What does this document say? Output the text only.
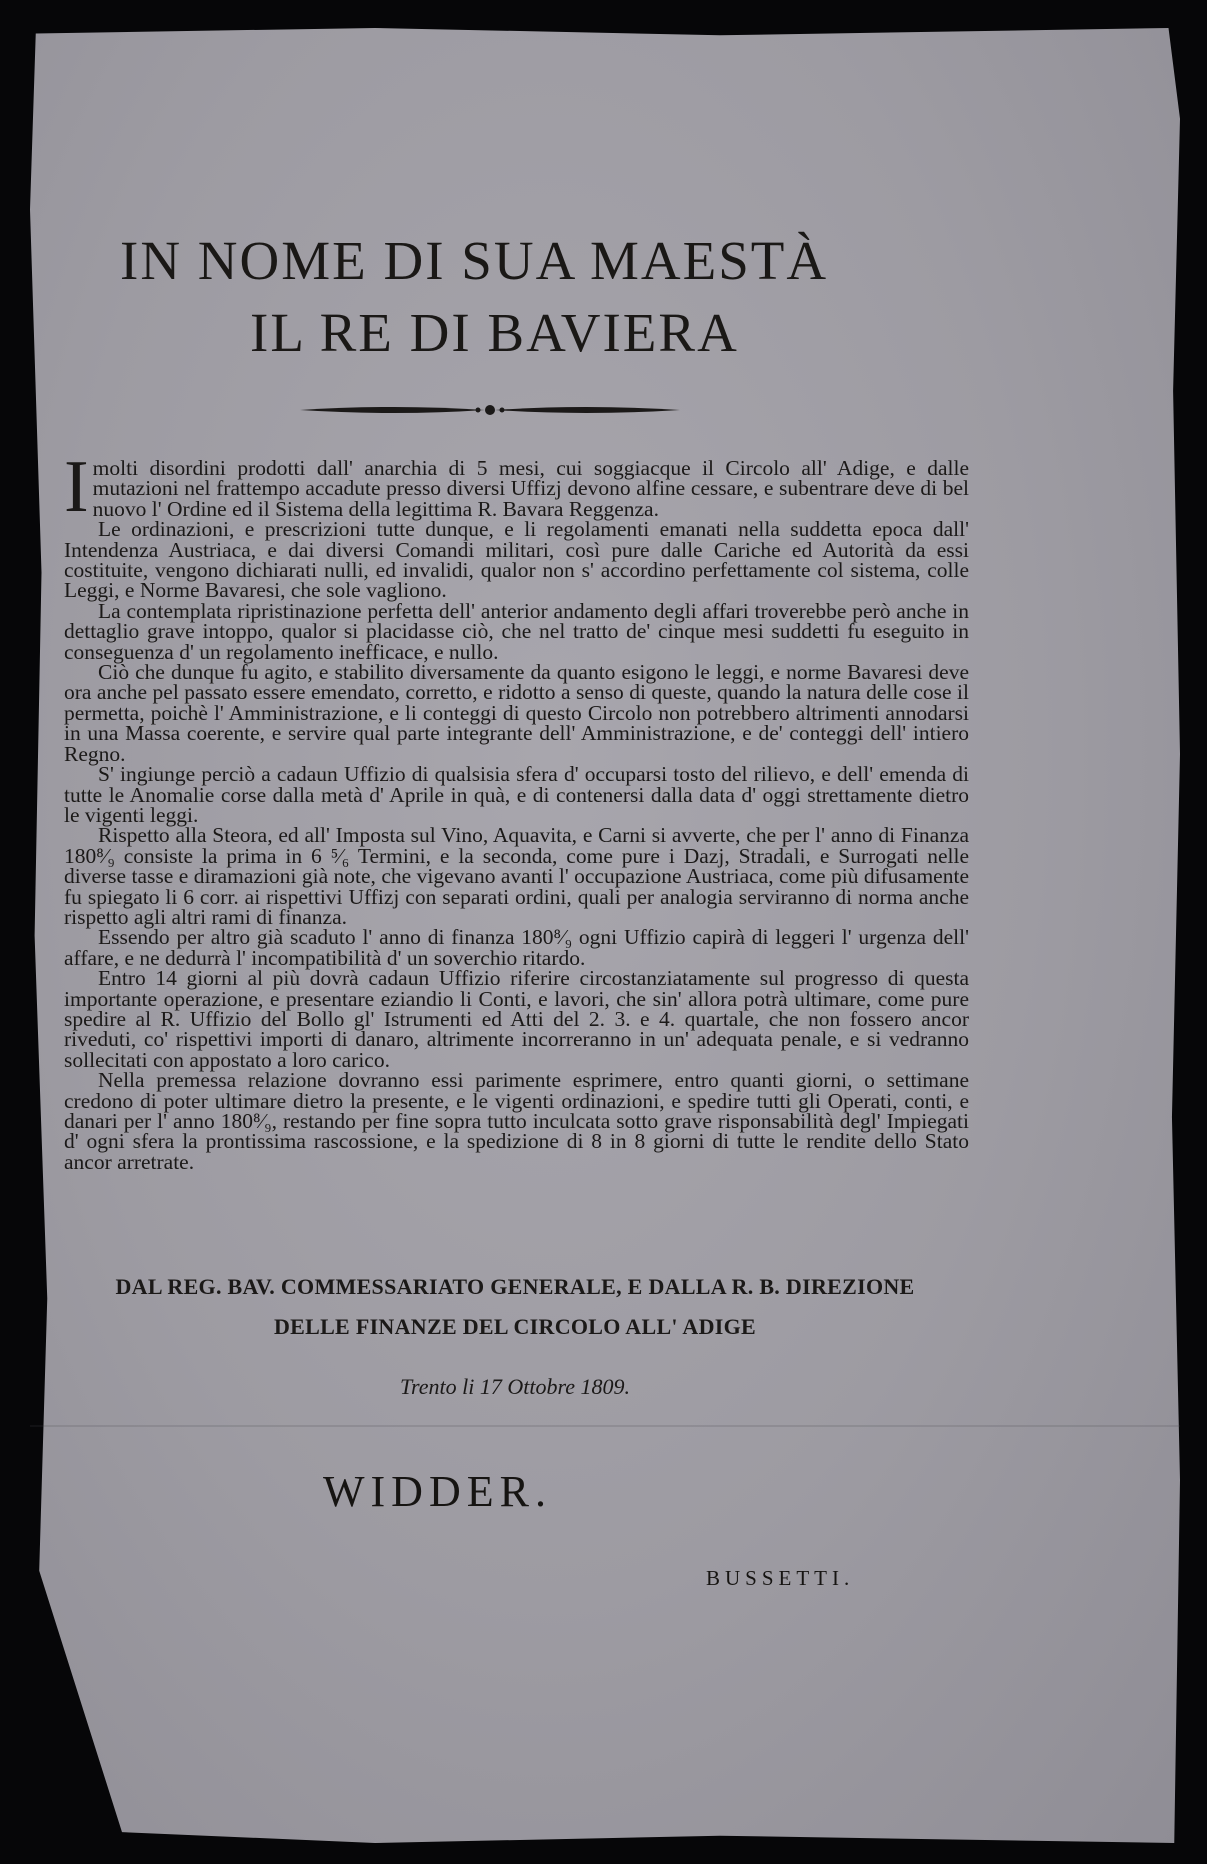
IN NOME DI SUA MAESTÀ
IL RE DI BAVIERA

Imolti disordini prodotti dall' anarchia di 5 mesi, cui soggiacque il Circolo all' Adige, e dalle mutazioni nel frattempo accadute presso diversi Uffizj devono alfine cessare, e subentrare deve di bel nuovo l' Ordine ed il Sistema della legittima R. Bavara Reggenza.

Le ordinazioni, e prescrizioni tutte dunque, e li regolamenti emanati nella suddetta epoca dall' Intendenza Austriaca, e dai diversi Comandi militari, così pure dalle Cariche ed Autorità da essi costituite, vengono dichiarati nulli, ed invalidi, qualor non s' accordino perfettamente col sistema, colle Leggi, e Norme Bavaresi, che sole vagliono.

La contemplata ripristinazione perfetta dell' anterior andamento degli affari troverebbe però anche in dettaglio grave intoppo, qualor si placidasse ciò, che nel tratto de' cinque mesi suddetti fu eseguito in conseguenza d' un regolamento inefficace, e nullo.

Ciò che dunque fu agito, e stabilito diversamente da quanto esigono le leggi, e norme Bavaresi deve ora anche pel passato essere emendato, corretto, e ridotto a senso di queste, quando la natura delle cose il permetta, poichè l' Amministrazione, e li conteggi di questo Circolo non potrebbero altrimenti annodarsi in una Massa coerente, e servire qual parte integrante dell' Amministrazione, e de' conteggi dell' intiero Regno.

S' ingiunge perciò a cadaun Uffizio di qualsisia sfera d' occuparsi tosto del rilievo, e dell' emenda di tutte le Anomalie corse dalla metà d' Aprile in quà, e di contenersi dalla data d' oggi strettamente dietro le vigenti leggi.

Rispetto alla Steora, ed all' Imposta sul Vino, Aquavita, e Carni si avverte, che per l' anno di Finanza 180⁸⁄₉ consiste la prima in 6 ⁵⁄₆ Termini, e la seconda, come pure i Dazj, Stradali, e Surrogati nelle diverse tasse e diramazioni già note, che vigevano avanti l' occupazione Austriaca, come più difusamente fu spiegato li 6 corr. ai rispettivi Uffizj con separati ordini, quali per analogia serviranno di norma anche rispetto agli altri rami di finanza.

Essendo per altro già scaduto l' anno di finanza 180⁸⁄₉ ogni Uffizio capirà di leggeri l' urgenza dell' affare, e ne dedurrà l' incompatibilità d' un soverchio ritardo.

Entro 14 giorni al più dovrà cadaun Uffizio riferire circostanziatamente sul progresso di questa importante operazione, e presentare eziandio li Conti, e lavori, che sin' allora potrà ultimare, come pure spedire al R. Uffizio del Bollo gl' Istrumenti ed Atti del 2. 3. e 4. quartale, che non fossero ancor riveduti, co' rispettivi importi di danaro, altrimente incorreranno in un' adequata penale, e si vedranno sollecitati con appostato a loro carico.

Nella premessa relazione dovranno essi parimente esprimere, entro quanti giorni, o settimane credono di poter ultimare dietro la presente, e le vigenti ordinazioni, e spedire tutti gli Operati, conti, e danari per l' anno 180⁸⁄₉, restando per fine sopra tutto inculcata sotto grave risponsabilità degl' Impiegati d' ogni sfera la prontissima rascossione, e la spedizione di 8 in 8 giorni di tutte le rendite dello Stato ancor arretrate.

DAL REG. BAV. COMMESSARIATO GENERALE, E DALLA R. B. DIREZIONE
DELLE FINANZE DEL CIRCOLO ALL' ADIGE
Trento li 17 Ottobre 1809.
WIDDER.
BUSSETTI.
